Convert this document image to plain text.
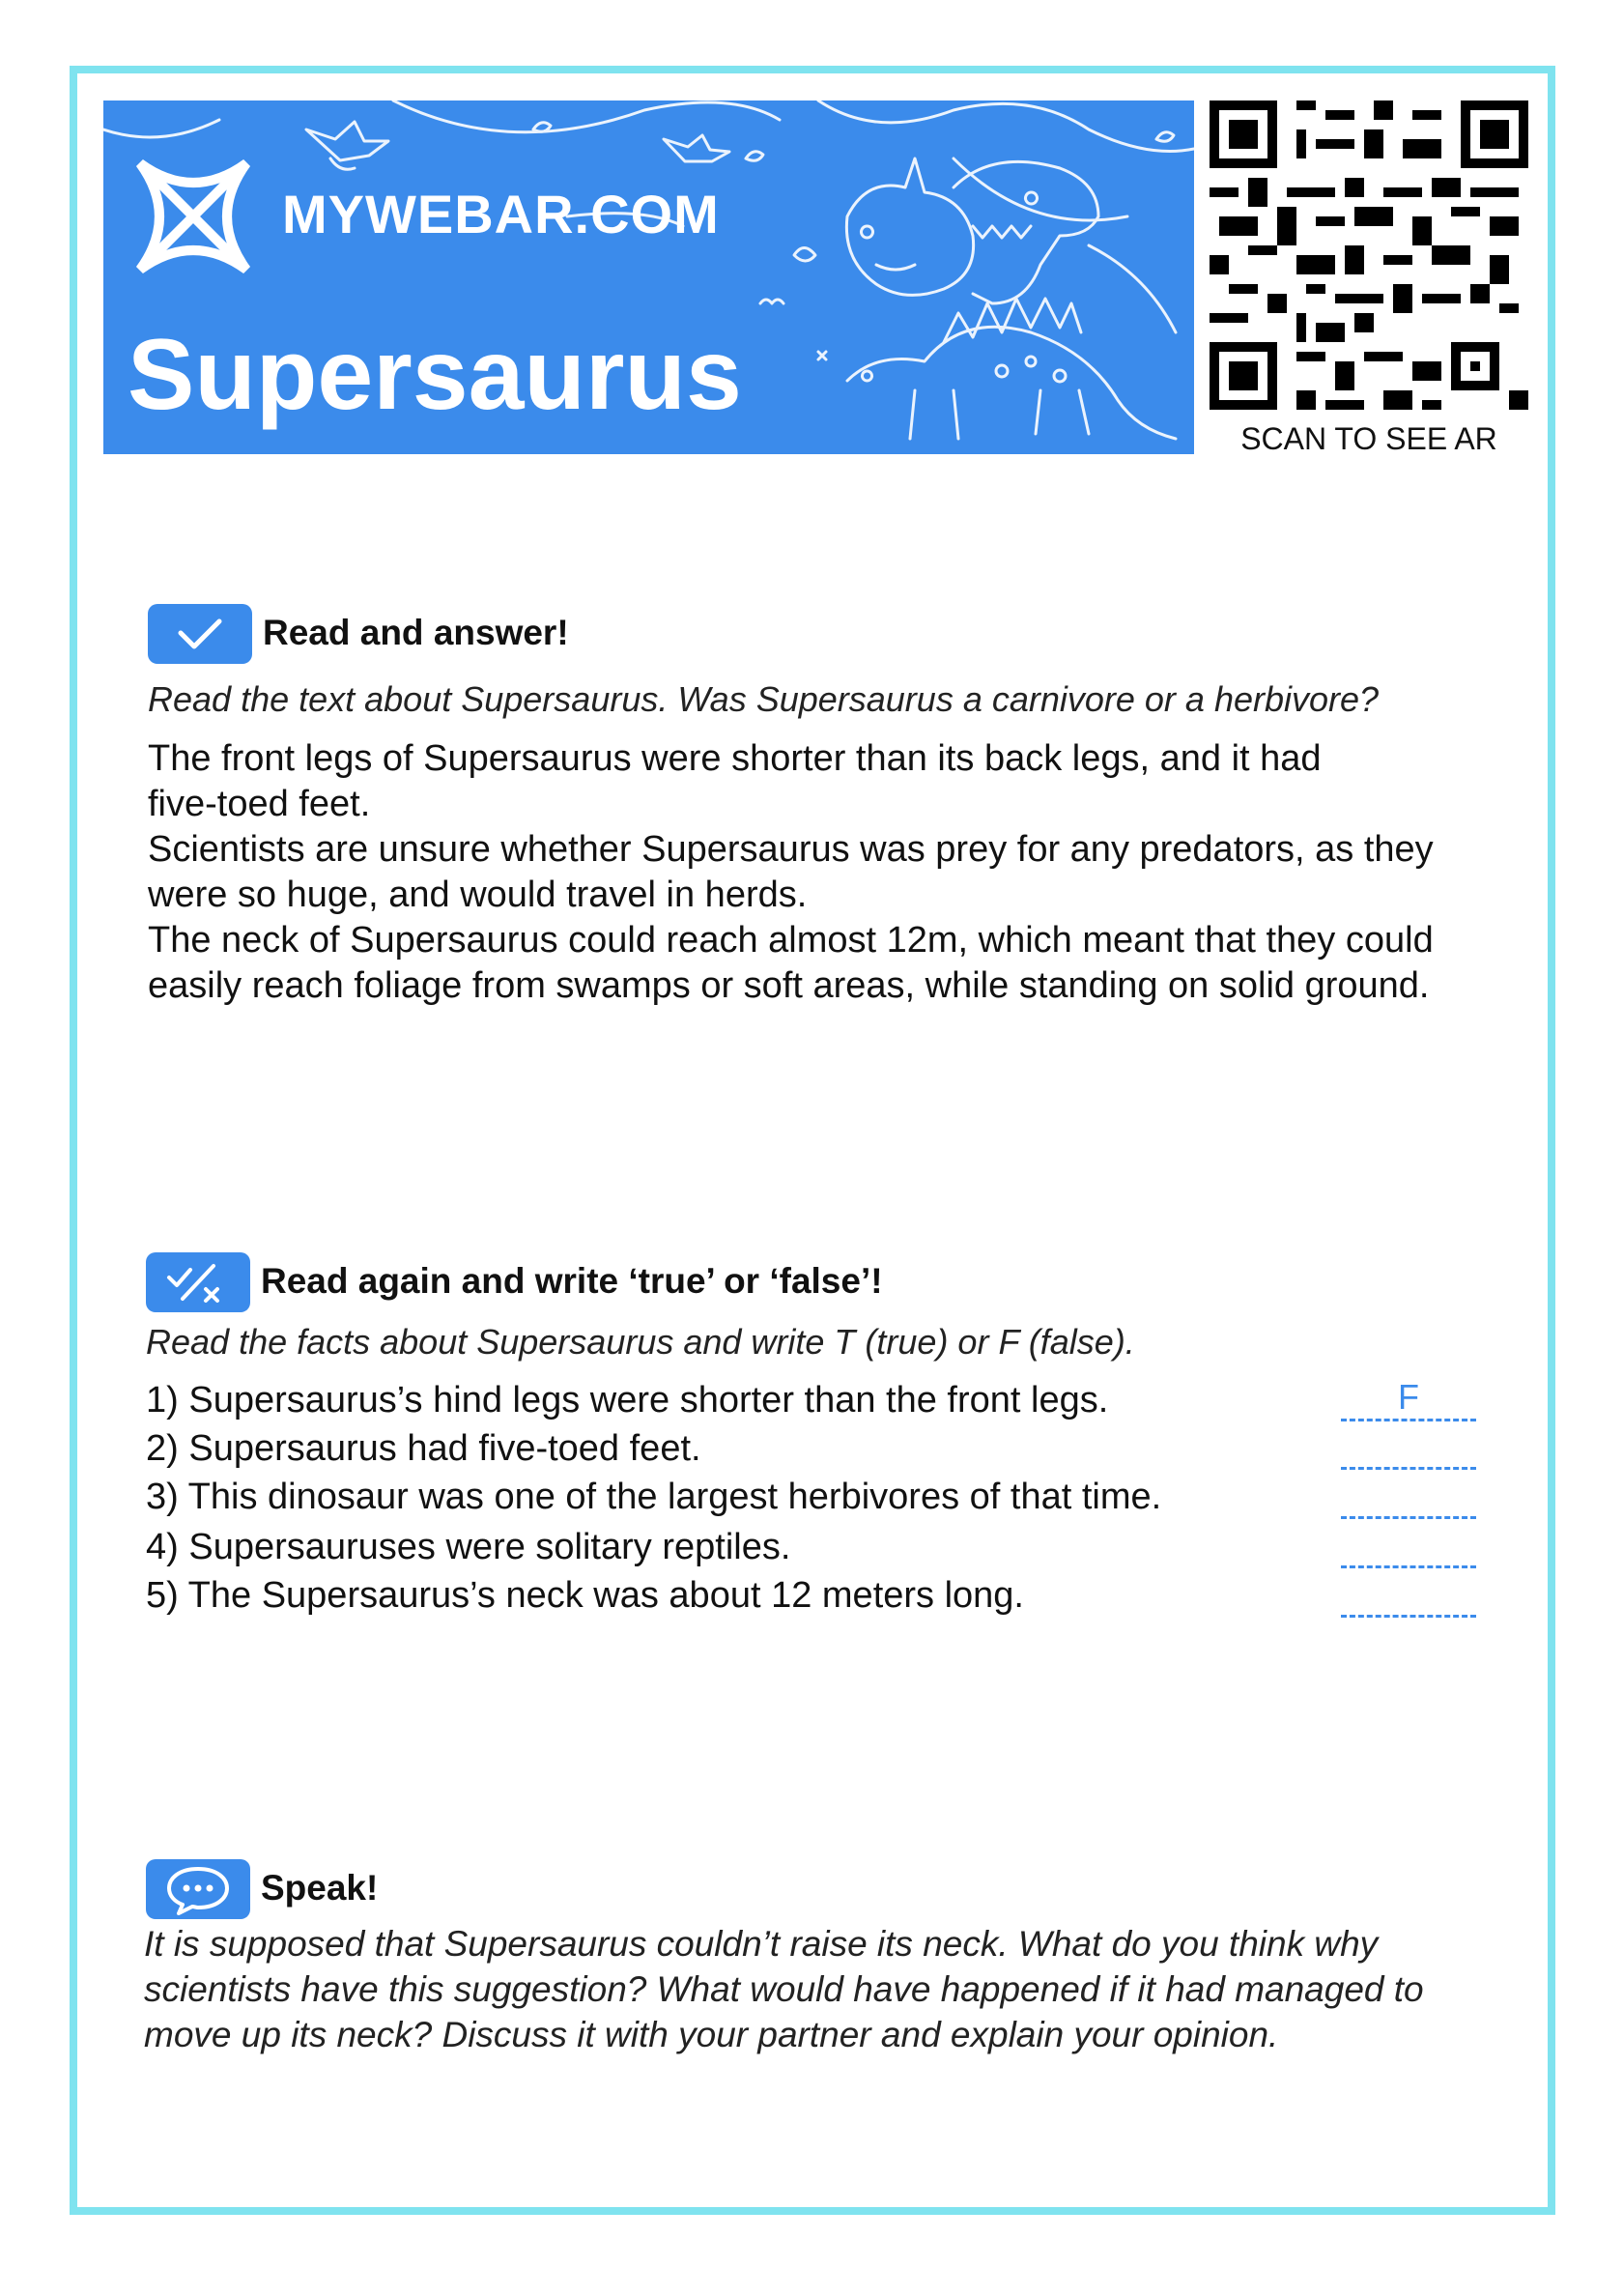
MYWEBAR.COM
Supersaurus
SCAN TO SEE AR
Read and answer!
Read the text about Supersaurus. Was Supersaurus a carnivore or a herbivore?
The front legs of Supersaurus were shorter than its back legs, and it had
five-toed feet.
Scientists are unsure whether Supersaurus was prey for any predators, as they
were so huge, and would travel in herds.
The neck of Supersaurus could reach almost 12m, which meant that they could
easily reach foliage from swamps or soft areas, while standing on solid ground.
Read again and write ‘true’ or ‘false’!
Read the facts about Supersaurus and write T (true) or F (false).
1) Supersaurus’s hind legs were shorter than the front legs.	F
2) Supersaurus had five-toed feet.
3) This dinosaur was one of the largest herbivores of that time.
4) Supersauruses were solitary reptiles.
5) The Supersaurus’s neck was about 12 meters long.
Speak!
It is supposed that Supersaurus couldn’t raise its neck. What do you think why
scientists have this suggestion? What would have happened if it had managed to
move up its neck? Discuss it with your partner and explain your opinion.
